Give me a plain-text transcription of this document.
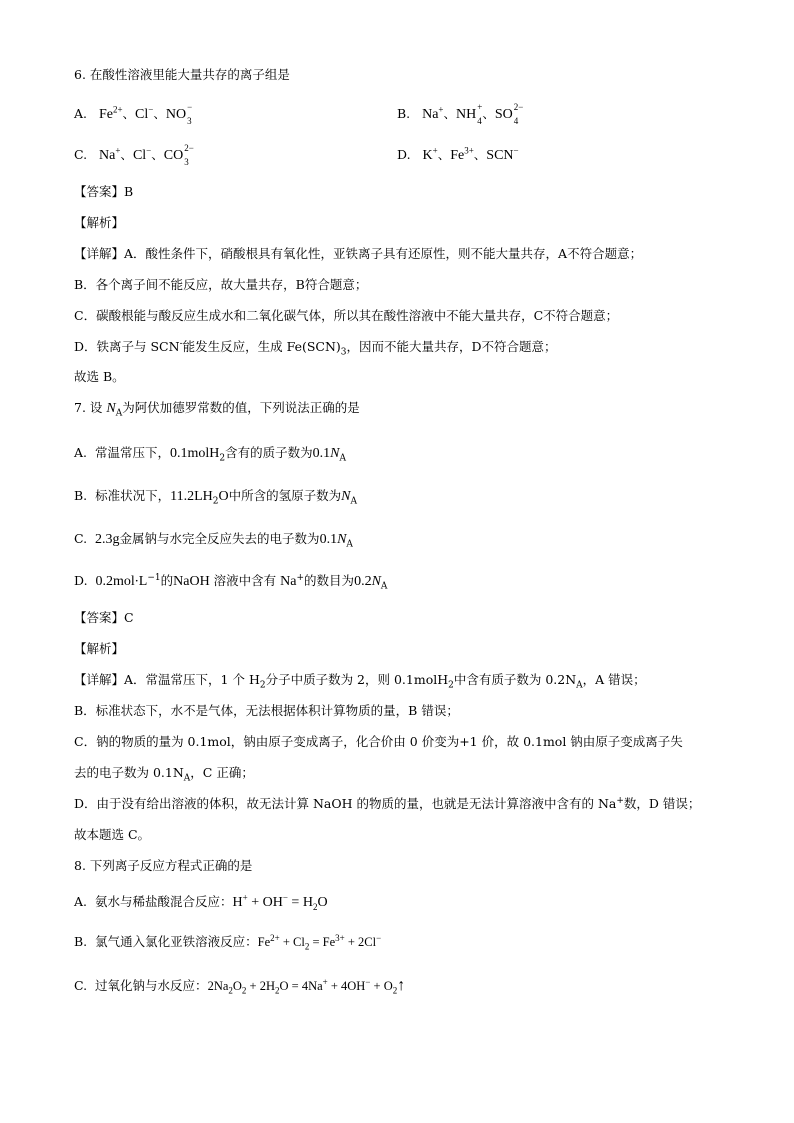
6. 在酸性溶液里能大量共存的离子组是
A. $Fe^{2+}$、Cl−、NO
−
3	B. Na+、NH
+
4 、SO
2−
4
C. Na+、Cl−、CO
2−
3	D. K+、$Fe^{3+}$、SCN−
【答案】B
【解析】
【详解】A．酸性条件下，硝酸根具有氧化性，亚铁离子具有还原性，则不能大量共存，A不符合题意；
B．各个离子间不能反应，故大量共存，B符合题意；
C．碳酸根能与酸反应生成水和二氧化碳气体，所以其在酸性溶液中不能大量共存，C不符合题意；
D．铁离子与 SCN-能发生反应，生成 $Fe(SCN)_3$，因而不能大量共存，D不符合题意；
故选 B。
7. 设 $N_A$为阿伏加德罗常数的值，下列说法正确的是
A. 常温常压下，0.1molH$_2$含有的质子数为$0.1N_A$
B. 标准状况下，$11.2LH_2O$中所含的氢原子数为$N_A$
C. 2.3g金属钠与水完全反应失去的电子数为$0.1N_A$
D. $0.2mol\cdot L^{-1}$的NaOH 溶液中含有 Na+的数目为$0.2N_A$
【答案】C
【解析】
【详解】A．常温常压下，1 个 $H_2$分子中质子数为 2，则 0.1molH$_2$中含有质子数为 $0.2N_A$，A 错误；
B．标准状态下，水不是气体，无法根据体积计算物质的量，B 错误；
C．钠的物质的量为 0.1mol，钠由原子变成离子，化合价由 0 价变为+1 价，故 0.1mol 钠由原子变成离子失
去的电子数为 $0.1N_A$，C 正确；
D．由于没有给出溶液的体积，故无法计算 NaOH 的物质的量，也就是无法计算溶液中含有的 Na+数，D 错误；
故本题选 C。
8. 下列离子反应方程式正确的是
A. 氨水与稀盐酸混合反应：$H^+ + OH^- = H_2O$
B. 氯气通入氯化亚铁溶液反应：$Fe^{2+} + Cl_2 = Fe^{3+} + 2Cl^-$
C. 过氧化钠与水反应：$2Na_2O_2 + 2H_2O = 4Na^+ + 4OH^-$ + $O_2↑$
